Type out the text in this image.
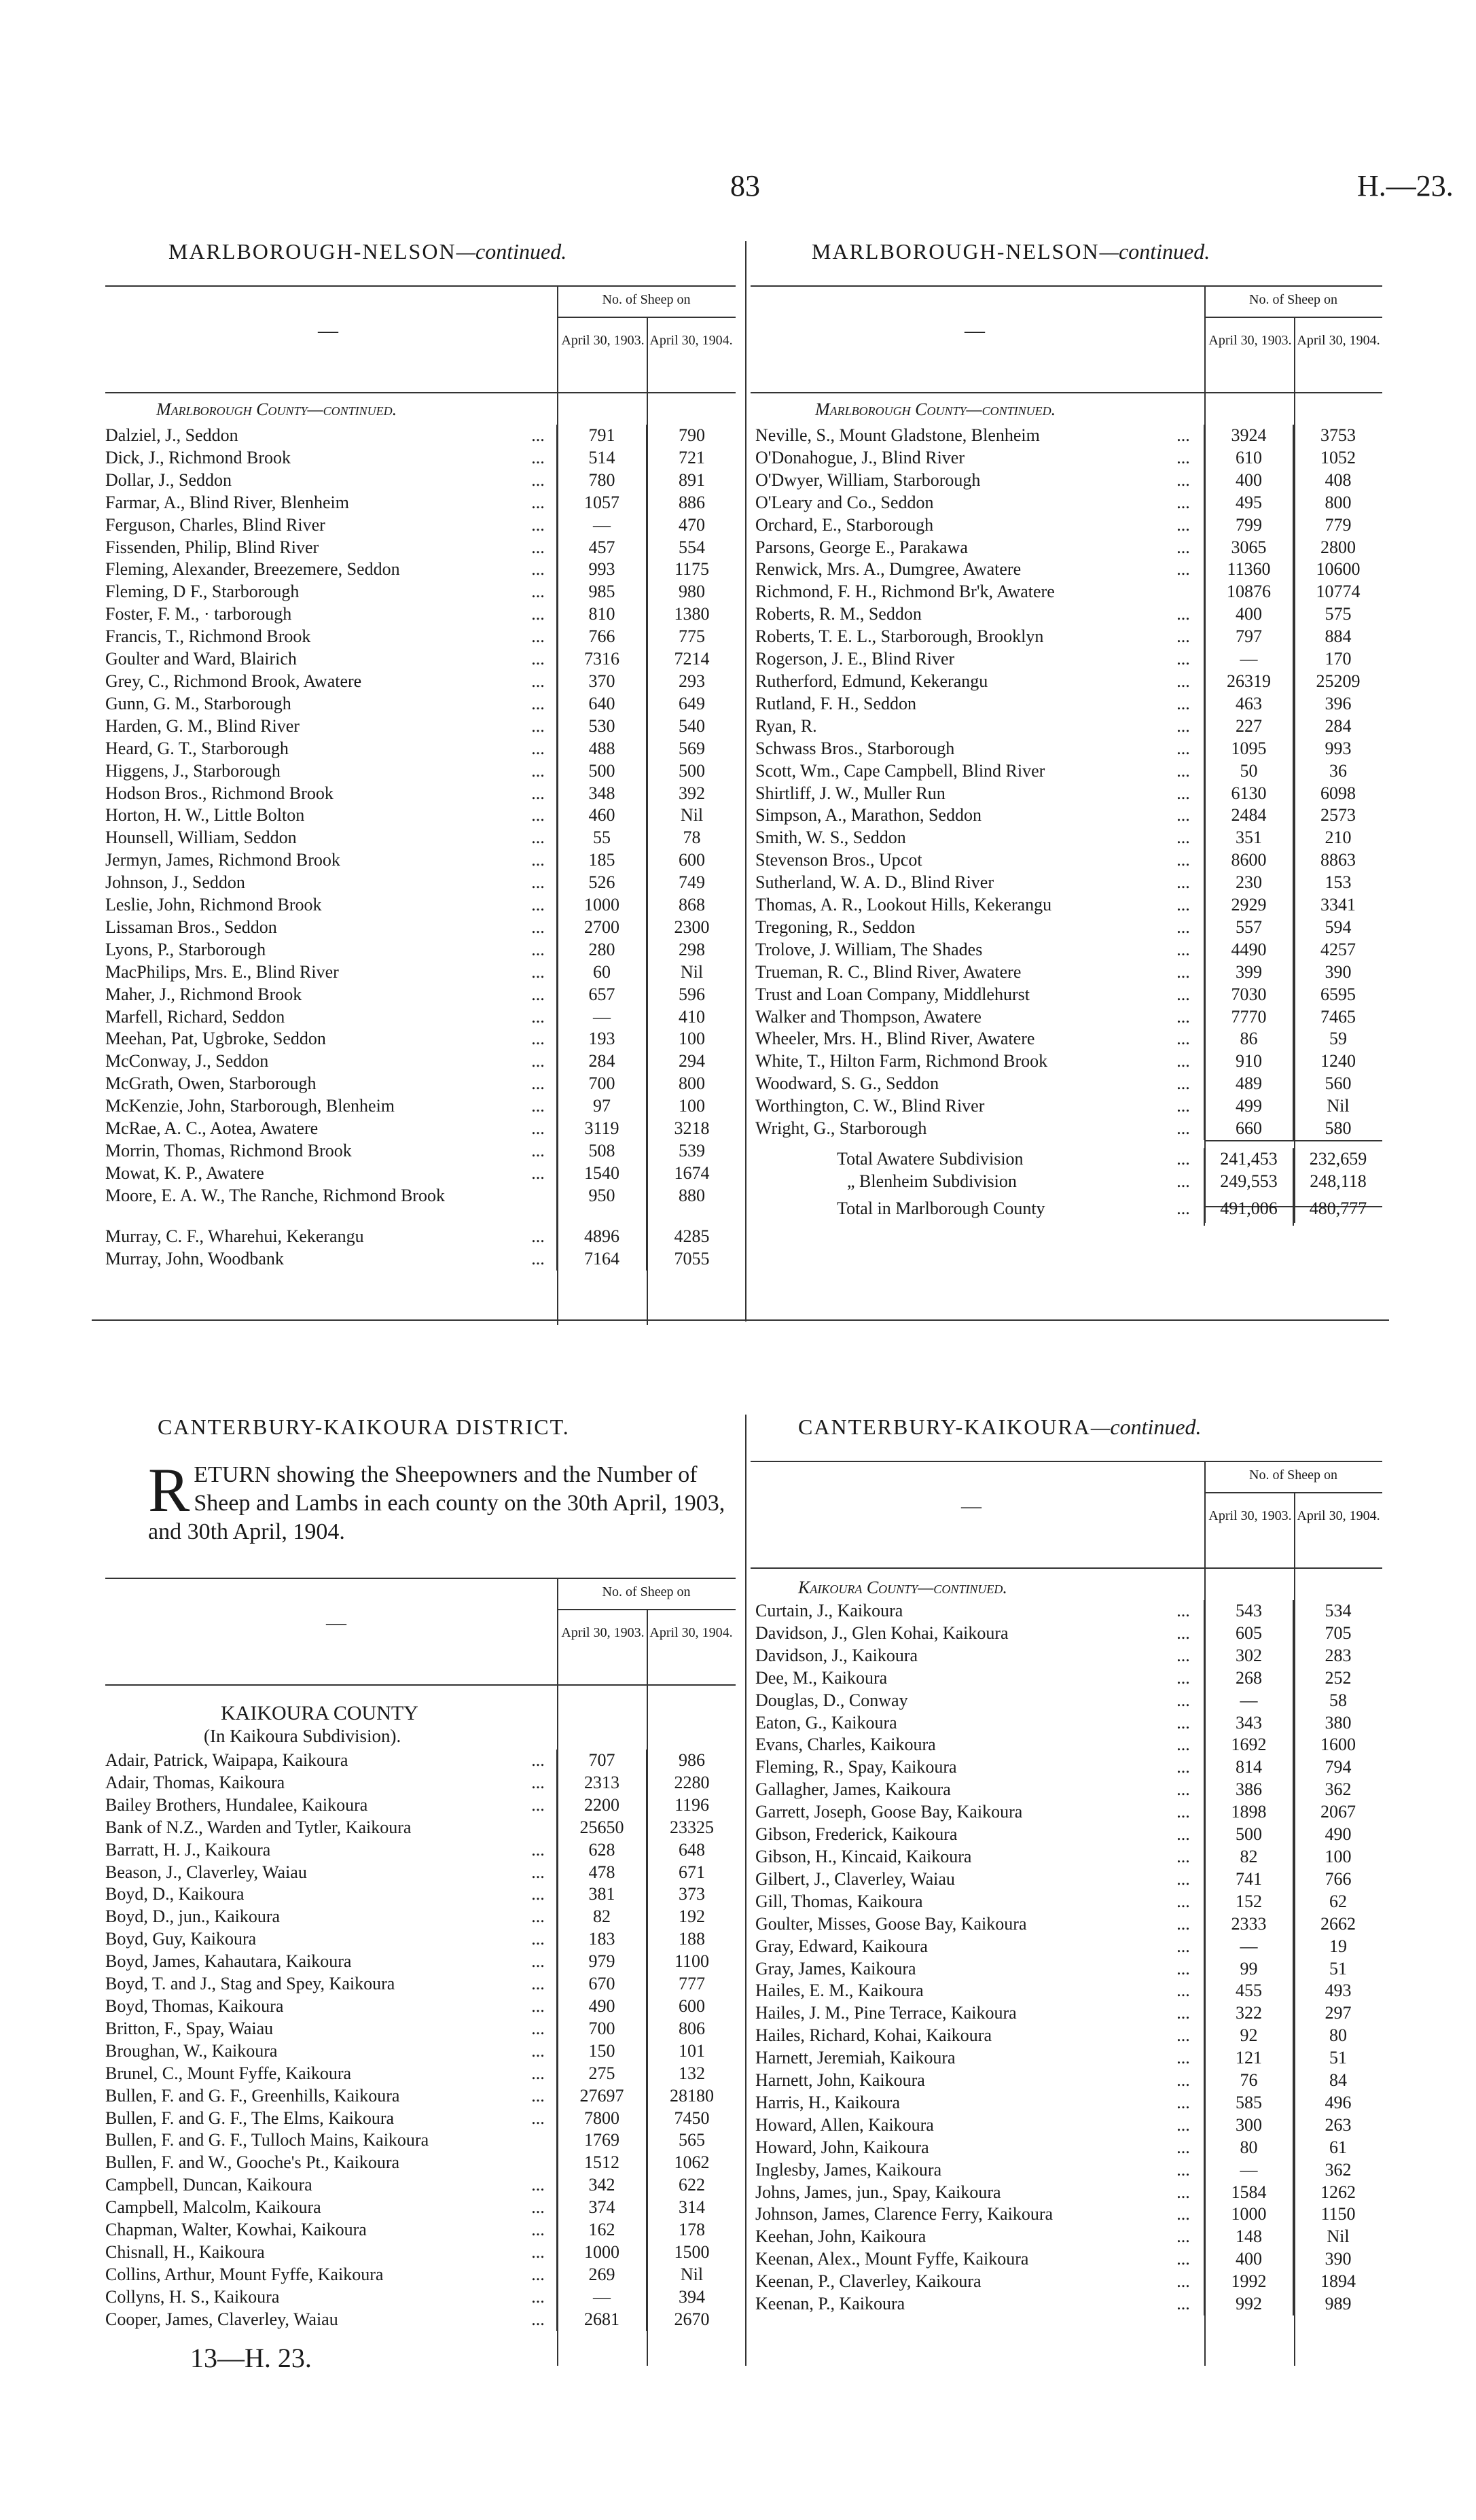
83	H.—23.
MARLBOROUGH-NELSON—continued.
—
No. of Sheep on
April 30, 1903. April 30, 1904.
Marlborough County—continued.
Dalziel, J., Seddon	...	791	790
Dick, J., Richmond Brook	...	514	721
Dollar, J., Seddon	...	780	891
Farmar, A., Blind River, Blenheim	...	1057	886
Ferguson, Charles, Blind River	...	—	470
Fissenden, Philip, Blind River	...	457	554
Fleming, Alexander, Breezemere, Seddon	...	993	1175
Fleming, D F., Starborough	...	985	980
Foster, F. M., · tarborough	...	810	1380
Francis, T., Richmond Brook	...	766	775
Goulter and Ward, Blairich	...	7316	7214
Grey, C., Richmond Brook, Awatere	...	370	293
Gunn, G. M., Starborough	...	640	649
Harden, G. M., Blind River	...	530	540
Heard, G. T., Starborough	...	488	569
Higgens, J., Starborough	...	500	500
Hodson Bros., Richmond Brook	...	348	392
Horton, H. W., Little Bolton	...	460	Nil
Hounsell, William, Seddon	...	55	78
Jermyn, James, Richmond Brook	...	185	600
Johnson, J., Seddon	...	526	749
Leslie, John, Richmond Brook	...	1000	868
Lissaman Bros., Seddon	...	2700	2300
Lyons, P., Starborough	...	280	298
MacPhilips, Mrs. E., Blind River	...	60	Nil
Maher, J., Richmond Brook	...	657	596
Marfell, Richard, Seddon	...	—	410
Meehan, Pat, Ugbroke, Seddon	...	193	100
McConway, J., Seddon	...	284	294
McGrath, Owen, Starborough	...	700	800
McKenzie, John, Starborough, Blenheim	...	97	100
McRae, A. C., Aotea, Awatere	...	3119	3218
Morrin, Thomas, Richmond Brook	...	508	539
Mowat, K. P., Awatere	...	1540	1674
Moore, E. A. W., The Ranche, Richmond Brook		950	880
Murray, C. F., Wharehui, Kekerangu	...	4896	4285
Murray, John, Woodbank	...	7164	7055
MARLBOROUGH-NELSON—continued.
—
No. of Sheep on
April 30, 1903. April 30, 1904.
Marlborough County—continued.
Neville, S., Mount Gladstone, Blenheim	...	3924	3753
O'Donahogue, J., Blind River	...	610	1052
O'Dwyer, William, Starborough	...	400	408
O'Leary and Co., Seddon	...	495	800
Orchard, E., Starborough	...	799	779
Parsons, George E., Parakawa	...	3065	2800
Renwick, Mrs. A., Dumgree, Awatere	...	11360	10600
Richmond, F. H., Richmond Br'k, Awatere		10876	10774
Roberts, R. M., Seddon	...	400	575
Roberts, T. E. L., Starborough, Brooklyn	...	797	884
Rogerson, J. E., Blind River	...	—	170
Rutherford, Edmund, Kekerangu	...	26319	25209
Rutland, F. H., Seddon	...	463	396
Ryan, R.	...	227	284
Schwass Bros., Starborough	...	1095	993
Scott, Wm., Cape Campbell, Blind River	...	50	36
Shirtliff, J. W., Muller Run	...	6130	6098
Simpson, A., Marathon, Seddon	...	2484	2573
Smith, W. S., Seddon	...	351	210
Stevenson Bros., Upcot	...	8600	8863
Sutherland, W. A. D., Blind River	...	230	153
Thomas, A. R., Lookout Hills, Kekerangu	...	2929	3341
Tregoning, R., Seddon	...	557	594
Trolove, J. William, The Shades	...	4490	4257
Trueman, R. C., Blind River, Awatere	...	399	390
Trust and Loan Company, Middlehurst	...	7030	6595
Walker and Thompson, Awatere	...	7770	7465
Wheeler, Mrs. H., Blind River, Awatere	...	86	59
White, T., Hilton Farm, Richmond Brook	...	910	1240
Woodward, S. G., Seddon	...	489	560
Worthington, C. W., Blind River	...	499	Nil
Wright, G., Starborough	...	660	580
Total Awatere Subdivision	...	241,453	232,659
„ Blenheim Subdivision	...	249,553	248,118
Total in Marlborough County	...	491,006	480,777
CANTERBURY-KAIKOURA DISTRICT.
RETURN showing the Sheepowners and the Number of Sheep and Lambs in each county on the 30th April, 1903, and 30th April, 1904.
—
No. of Sheep on
April 30, 1903. April 30, 1904.
KAIKOURA COUNTY
(In Kaikoura Subdivision).
Adair, Patrick, Waipapa, Kaikoura	...	707	986
Adair, Thomas, Kaikoura	...	2313	2280
Bailey Brothers, Hundalee, Kaikoura	...	2200	1196
Bank of N.Z., Warden and Tytler, Kaikoura		25650	23325
Barratt, H. J., Kaikoura	...	628	648
Beason, J., Claverley, Waiau	...	478	671
Boyd, D., Kaikoura	...	381	373
Boyd, D., jun., Kaikoura	...	82	192
Boyd, Guy, Kaikoura	...	183	188
Boyd, James, Kahautara, Kaikoura	...	979	1100
Boyd, T. and J., Stag and Spey, Kaikoura	...	670	777
Boyd, Thomas, Kaikoura	...	490	600
Britton, F., Spay, Waiau	...	700	806
Broughan, W., Kaikoura	...	150	101
Brunel, C., Mount Fyffe, Kaikoura	...	275	132
Bullen, F. and G. F., Greenhills, Kaikoura	...	27697	28180
Bullen, F. and G. F., The Elms, Kaikoura	...	7800	7450
Bullen, F. and G. F., Tulloch Mains, Kaikoura		1769	565
Bullen, F. and W., Gooche's Pt., Kaikoura		1512	1062
Campbell, Duncan, Kaikoura	...	342	622
Campbell, Malcolm, Kaikoura	...	374	314
Chapman, Walter, Kowhai, Kaikoura	...	162	178
Chisnall, H., Kaikoura	...	1000	1500
Collins, Arthur, Mount Fyffe, Kaikoura	...	269	Nil
Collyns, H. S., Kaikoura	...	—	394
Cooper, James, Claverley, Waiau	...	2681	2670
CANTERBURY-KAIKOURA—continued.
—
No. of Sheep on
April 30, 1903. April 30, 1904.
Kaikoura County—continued.
Curtain, J., Kaikoura	...	543	534
Davidson, J., Glen Kohai, Kaikoura	...	605	705
Davidson, J., Kaikoura	...	302	283
Dee, M., Kaikoura	...	268	252
Douglas, D., Conway	...	—	58
Eaton, G., Kaikoura	...	343	380
Evans, Charles, Kaikoura	...	1692	1600
Fleming, R., Spay, Kaikoura	...	814	794
Gallagher, James, Kaikoura	...	386	362
Garrett, Joseph, Goose Bay, Kaikoura	...	1898	2067
Gibson, Frederick, Kaikoura	...	500	490
Gibson, H., Kincaid, Kaikoura	...	82	100
Gilbert, J., Claverley, Waiau	...	741	766
Gill, Thomas, Kaikoura	...	152	62
Goulter, Misses, Goose Bay, Kaikoura	...	2333	2662
Gray, Edward, Kaikoura	...	—	19
Gray, James, Kaikoura	...	99	51
Hailes, E. M., Kaikoura	...	455	493
Hailes, J. M., Pine Terrace, Kaikoura	...	322	297
Hailes, Richard, Kohai, Kaikoura	...	92	80
Harnett, Jeremiah, Kaikoura	...	121	51
Harnett, John, Kaikoura	...	76	84
Harris, H., Kaikoura	...	585	496
Howard, Allen, Kaikoura	...	300	263
Howard, John, Kaikoura	...	80	61
Inglesby, James, Kaikoura	...	—	362
Johns, James, jun., Spay, Kaikoura	...	1584	1262
Johnson, James, Clarence Ferry, Kaikoura	...	1000	1150
Keehan, John, Kaikoura	...	148	Nil
Keenan, Alex., Mount Fyffe, Kaikoura	...	400	390
Keenan, P., Claverley, Kaikoura	...	1992	1894
Keenan, P., Kaikoura	...	992	989
13—H. 23.
